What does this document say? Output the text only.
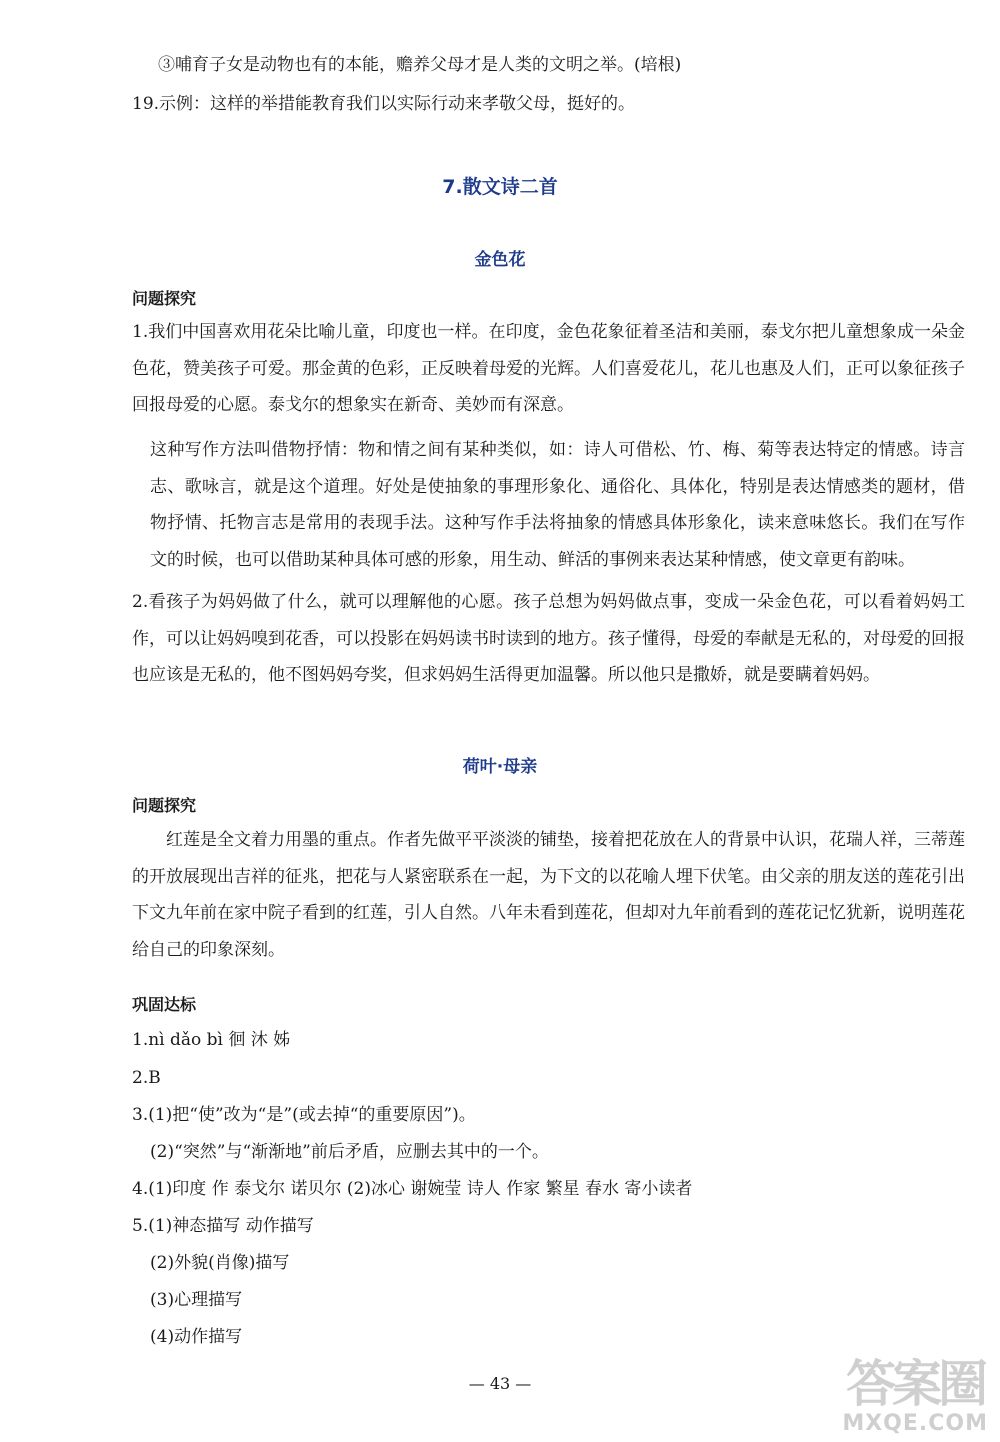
③哺育子女是动物也有的本能，赡养父母才是人类的文明之举。(培根)
19.示例：这样的举措能教育我们以实际行动来孝敬父母，挺好的。
7.散文诗二首
金色花
问题探究
1.我们中国喜欢用花朵比喻儿童，印度也一样。在印度，金色花象征着圣洁和美丽，泰戈尔把儿童想象成一朵金色花，赞美孩子可爱。那金黄的色彩，正反映着母爱的光辉。人们喜爱花儿，花儿也惠及人们，正可以象征孩子回报母爱的心愿。泰戈尔的想象实在新奇、美妙而有深意。
这种写作方法叫借物抒情：物和情之间有某种类似，如：诗人可借松、竹、梅、菊等表达特定的情感。诗言志、歌咏言，就是这个道理。好处是使抽象的事理形象化、通俗化、具体化，特别是表达情感类的题材，借物抒情、托物言志是常用的表现手法。这种写作手法将抽象的情感具体形象化，读来意味悠长。我们在写作文的时候，也可以借助某种具体可感的形象，用生动、鲜活的事例来表达某种情感，使文章更有韵味。
2.看孩子为妈妈做了什么，就可以理解他的心愿。孩子总想为妈妈做点事，变成一朵金色花，可以看着妈妈工作，可以让妈妈嗅到花香，可以投影在妈妈读书时读到的地方。孩子懂得，母爱的奉献是无私的，对母爱的回报也应该是无私的，他不图妈妈夸奖，但求妈妈生活得更加温馨。所以他只是撒娇，就是要瞒着妈妈。
荷叶·母亲
问题探究
红莲是全文着力用墨的重点。作者先做平平淡淡的铺垫，接着把花放在人的背景中认识，花瑞人祥，三蒂莲的开放展现出吉祥的征兆，把花与人紧密联系在一起，为下文的以花喻人埋下伏笔。由父亲的朋友送的莲花引出下文九年前在家中院子看到的红莲，引人自然。八年未看到莲花，但却对九年前看到的莲花记忆犹新，说明莲花给自己的印象深刻。
巩固达标
1.nì dǎo bì 徊 沐 姊
2.B
3.(1)把“使”改为“是”(或去掉“的重要原因”)。
(2)“突然”与“渐渐地”前后矛盾，应删去其中的一个。
4.(1)印度 作 泰戈尔 诺贝尔 (2)冰心 谢婉莹 诗人 作家 繁星 春水 寄小读者
5.(1)神态描写 动作描写
(2)外貌(肖像)描写
(3)心理描写
(4)动作描写
— 43 —	答案圈
MXQE.COM
